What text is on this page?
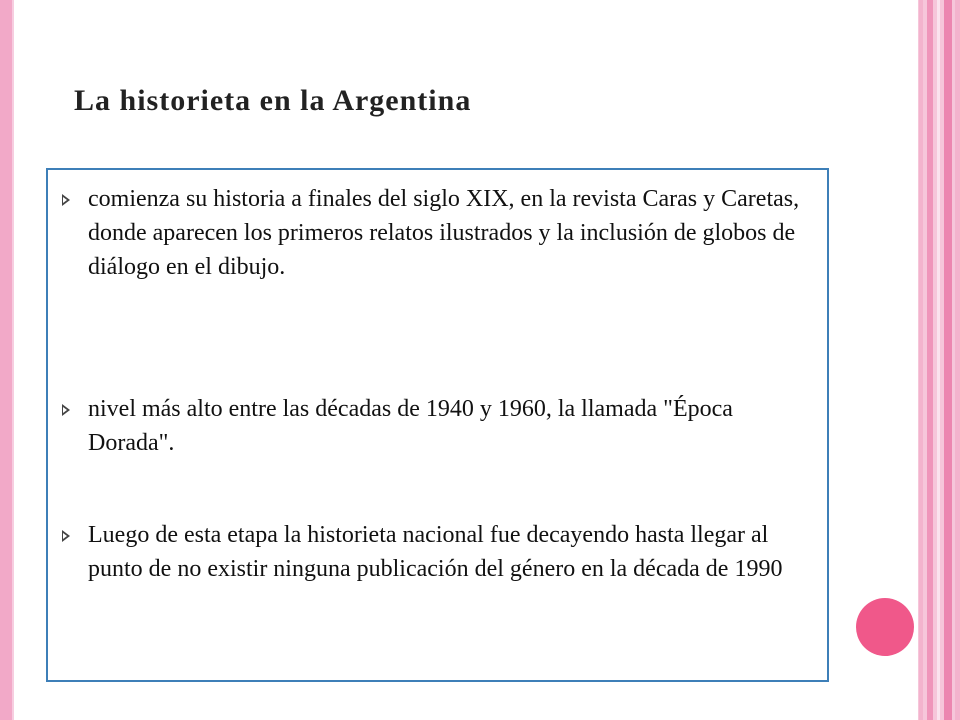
La historieta en la Argentina
comienza su historia a finales del siglo XIX, en la revista Caras y Caretas, donde aparecen los primeros relatos ilustrados y la inclusión de globos de diálogo en el dibujo.
nivel más alto entre las décadas de 1940 y 1960, la llamada "Época Dorada".
Luego de esta etapa la historieta nacional fue decayendo hasta llegar al punto de no existir ninguna publicación del género en la década de 1990
